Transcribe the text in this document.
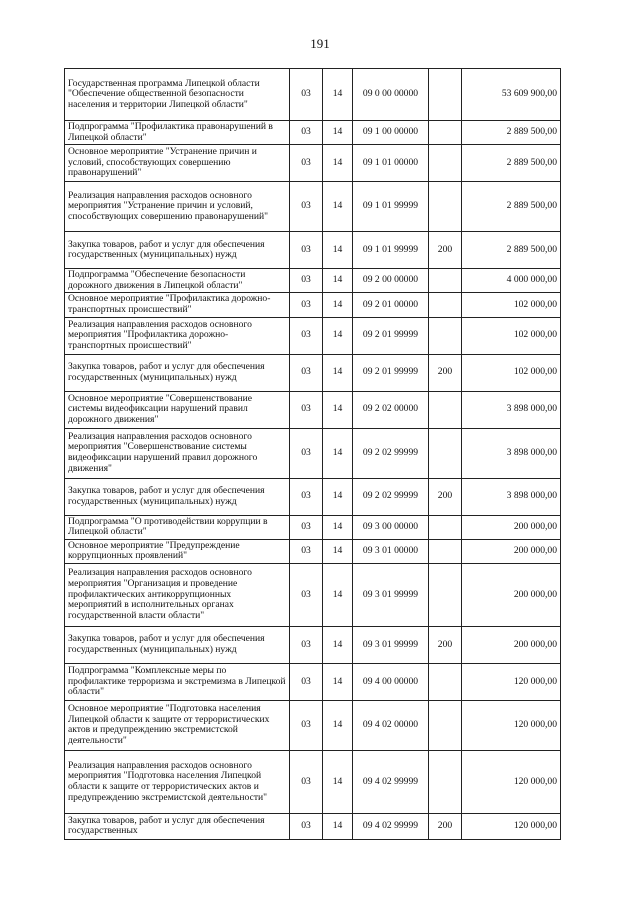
191
Государственная программа Липецкой области "Обеспечение общественной безопасности населения и территории Липецкой области"	03	14	09 0 00 00000		53 609 900,00
Подпрограмма "Профилактика правонарушений в Липецкой области"	03	14	09 1 00 00000		2 889 500,00
Основное мероприятие "Устранение причин и условий, способствующих совершению правонарушений"	03	14	09 1 01 00000		2 889 500,00
Реализация направления расходов основного мероприятия "Устранение причин и условий, способствующих совершению правонарушений"	03	14	09 1 01 99999		2 889 500,00
Закупка товаров, работ и услуг для обеспечения государственных (муниципальных) нужд	03	14	09 1 01 99999	200	2 889 500,00
Подпрограмма "Обеспечение безопасности дорожного движения в Липецкой области"	03	14	09 2 00 00000		4 000 000,00
Основное мероприятие "Профилактика дорожно-транспортных происшествий"	03	14	09 2 01 00000		102 000,00
Реализация направления расходов основного мероприятия "Профилактика дорожно-транспортных происшествий"	03	14	09 2 01 99999		102 000,00
Закупка товаров, работ и услуг для обеспечения государственных (муниципальных) нужд	03	14	09 2 01 99999	200	102 000,00
Основное мероприятие "Совершенствование системы видеофиксации нарушений правил дорожного движения"	03	14	09 2 02 00000		3 898 000,00
Реализация направления расходов основного мероприятия "Совершенствование системы видеофиксации нарушений правил дорожного движения"	03	14	09 2 02 99999		3 898 000,00
Закупка товаров, работ и услуг для обеспечения государственных (муниципальных) нужд	03	14	09 2 02 99999	200	3 898 000,00
Подпрограмма "О противодействии коррупции в Липецкой области"	03	14	09 3 00 00000		200 000,00
Основное мероприятие "Предупреждение коррупционных проявлений"	03	14	09 3 01 00000		200 000,00
Реализация направления расходов основного мероприятия "Организация и проведение профилактических антикоррупционных мероприятий в исполнительных органах государственной власти области"	03	14	09 3 01 99999		200 000,00
Закупка товаров, работ и услуг для обеспечения государственных (муниципальных) нужд	03	14	09 3 01 99999	200	200 000,00
Подпрограмма "Комплексные меры по профилактике терроризма и экстремизма в Липецкой области"	03	14	09 4 00 00000		120 000,00
Основное мероприятие "Подготовка населения Липецкой области к защите от террористических актов и предупреждению экстремистской деятельности"	03	14	09 4 02 00000		120 000,00
Реализация направления расходов основного мероприятия "Подготовка населения Липецкой области к защите от террористических актов и предупреждению экстремистской деятельности"	03	14	09 4 02 99999		120 000,00
Закупка товаров, работ и услуг для обеспечения государственных	03	14	09 4 02 99999	200	120 000,00
